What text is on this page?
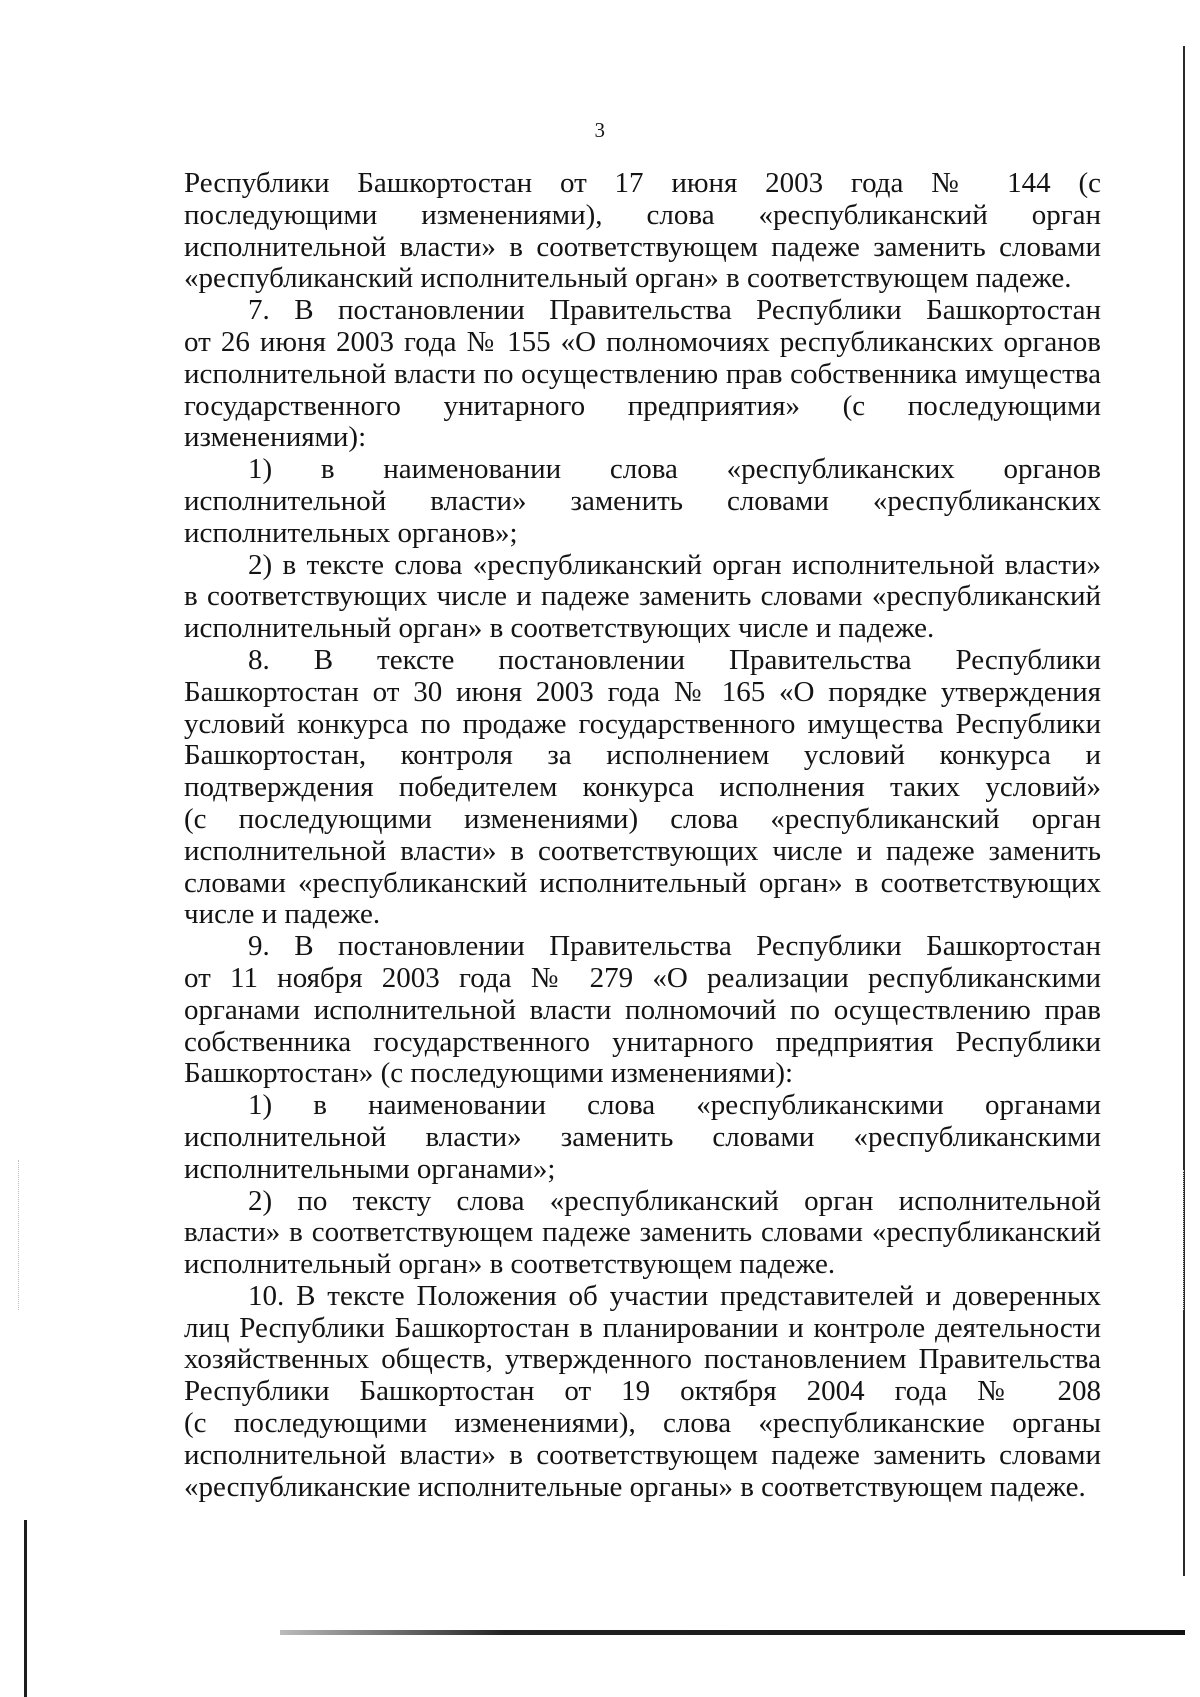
3

Республики Башкортостан от 17 июня 2003 года № 144 (с
последующими изменениями), слова «республиканский орган
исполнительной власти» в соответствующем падеже заменить словами
«республиканский исполнительный орган» в соответствующем падеже.

7. В постановлении Правительства Республики Башкортостан
от 26 июня 2003 года № 155 «О полномочиях республиканских органов
исполнительной власти по осуществлению прав собственника имущества
государственного унитарного предприятия» (с последующими
изменениями):

1) в наименовании слова «республиканских органов
исполнительной власти» заменить словами «республиканских
исполнительных органов»;

2) в тексте слова «республиканский орган исполнительной власти»
в соответствующих числе и падеже заменить словами «республиканский
исполнительный орган» в соответствующих числе и падеже.

8. В тексте постановлении Правительства Республики
Башкортостан от 30 июня 2003 года № 165 «О порядке утверждения
условий конкурса по продаже государственного имущества Республики
Башкортостан, контроля за исполнением условий конкурса и
подтверждения победителем конкурса исполнения таких условий»
(с последующими изменениями) слова «республиканский орган
исполнительной власти» в соответствующих числе и падеже заменить
словами «республиканский исполнительный орган» в соответствующих
числе и падеже.

9. В постановлении Правительства Республики Башкортостан
от 11 ноября 2003 года № 279 «О реализации республиканскими
органами исполнительной власти полномочий по осуществлению прав
собственника государственного унитарного предприятия Республики
Башкортостан» (с последующими изменениями):

1) в наименовании слова «республиканскими органами
исполнительной власти» заменить словами «республиканскими
исполнительными органами»;

2) по тексту слова «республиканский орган исполнительной
власти» в соответствующем падеже заменить словами «республиканский
исполнительный орган» в соответствующем падеже.

10. В тексте Положения об участии представителей и доверенных
лиц Республики Башкортостан в планировании и контроле деятельности
хозяйственных обществ, утвержденного постановлением Правительства
Республики Башкортостан от 19 октября 2004 года № 208
(с последующими изменениями), слова «республиканские органы
исполнительной власти» в соответствующем падеже заменить словами
«республиканские исполнительные органы» в соответствующем падеже.
